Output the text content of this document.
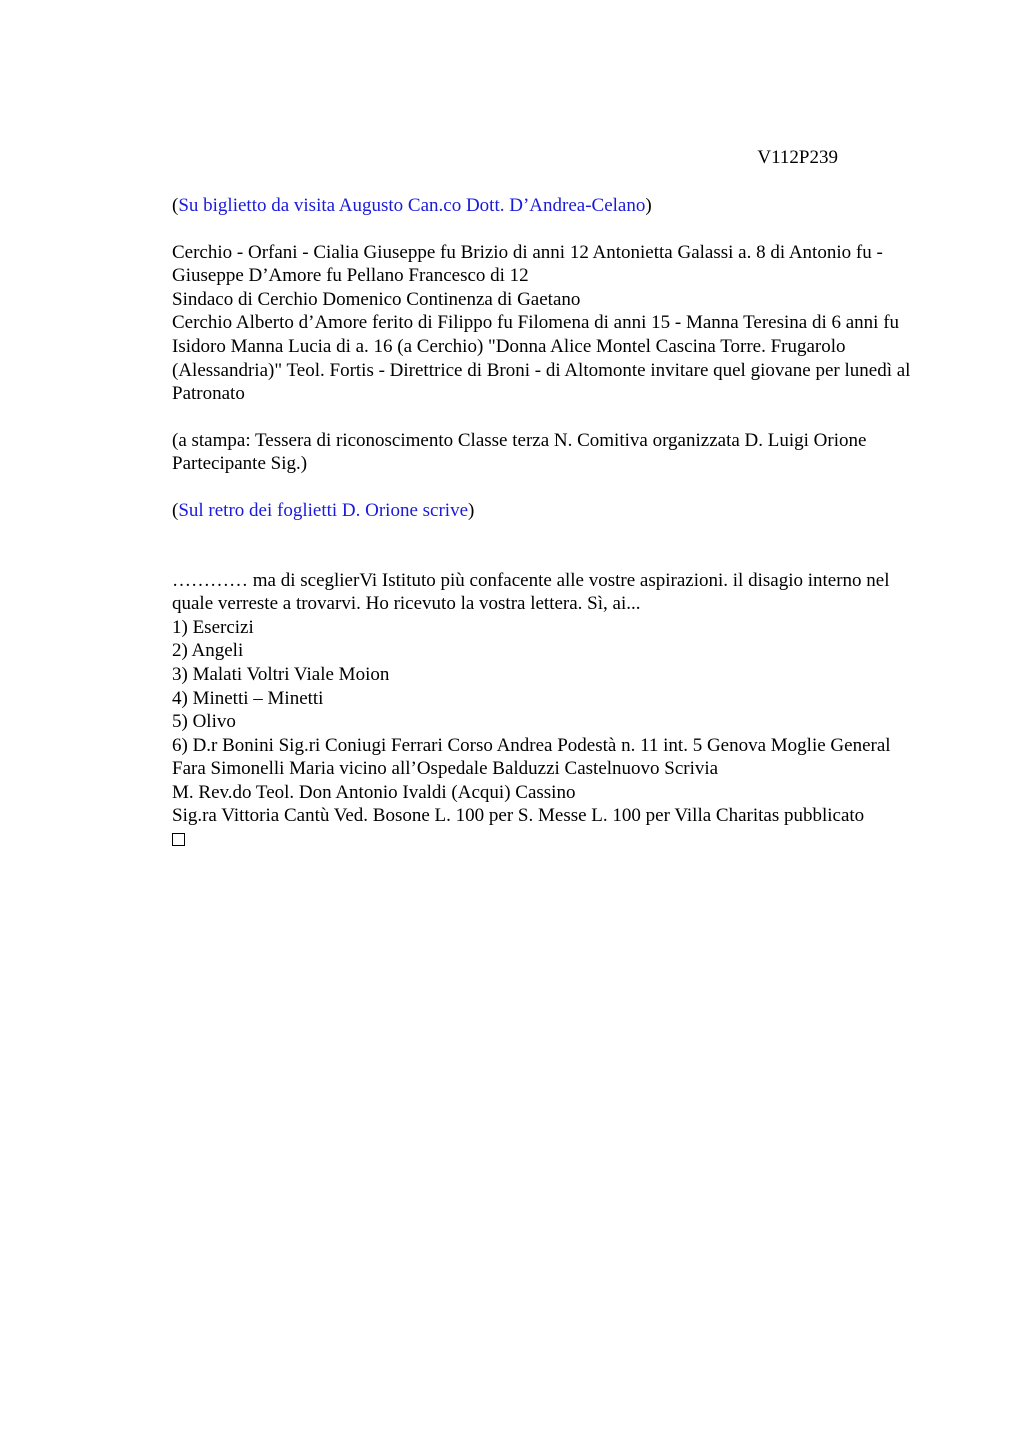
V112P239

(Su biglietto da visita Augusto Can.co Dott. D’Andrea-Celano)

Cerchio - Orfani - Cialia Giuseppe fu Brizio di anni 12 Antonietta Galassi a. 8 di Antonio fu -Giuseppe D’Amore fu Pellano Francesco di 12
Sindaco di Cerchio Domenico Continenza di Gaetano
Cerchio Alberto d’Amore ferito di Filippo fu Filomena di anni 15 - Manna Teresina di 6 anni fu Isidoro Manna Lucia di a. 16 (a Cerchio) "Donna Alice Montel Cascina Torre. Frugarolo (Alessandria)" Teol. Fortis - Direttrice di Broni - di Altomonte invitare quel giovane per lunedì al Patronato

(a stampa: Tessera di riconoscimento Classe terza N. Comitiva organizzata D. Luigi Orione Partecipante Sig.)

(Sul retro dei foglietti D. Orione scrive)

………… ma di sceglierVi Istituto più confacente alle vostre aspirazioni. il disagio interno nel quale verreste a trovarvi. Ho ricevuto la vostra lettera. Sì, ai...
1) Esercizi
2) Angeli
3) Malati Voltri Viale Moion
4) Minetti – Minetti
5) Olivo
6) D.r Bonini Sig.ri Coniugi Ferrari Corso Andrea Podestà n. 11 int. 5 Genova Moglie General
Fara Simonelli Maria vicino all’Ospedale Balduzzi Castelnuovo Scrivia
M. Rev.do Teol. Don Antonio Ivaldi (Acqui) Cassino
Sig.ra Vittoria Cantù Ved. Bosone L. 100 per S. Messe L. 100 per Villa Charitas pubblicato
